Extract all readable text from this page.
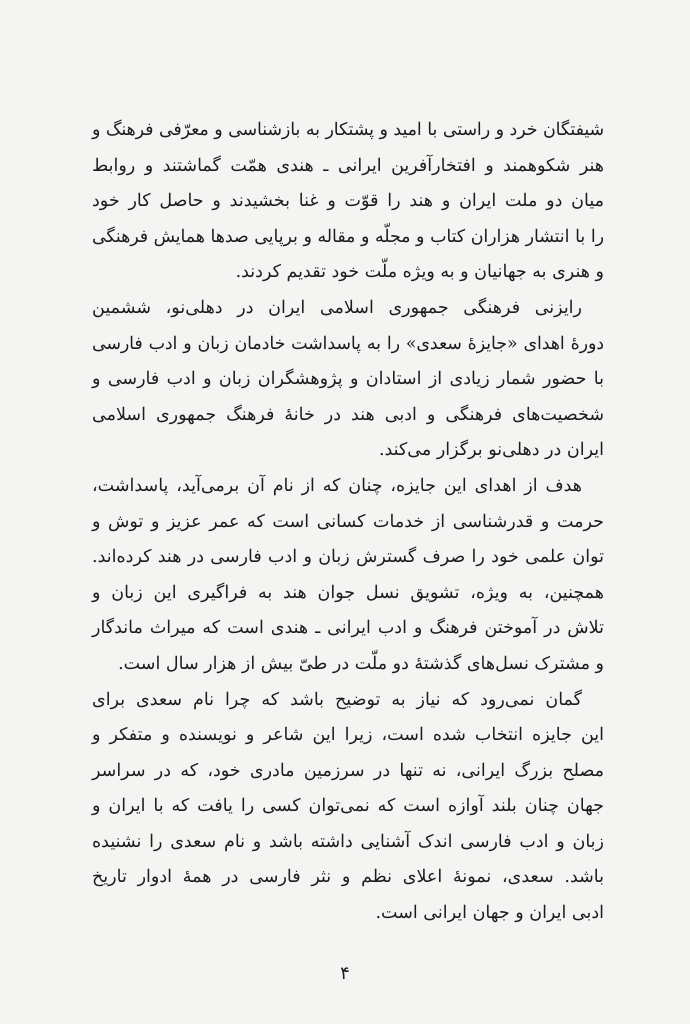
شیفتگان خرد و راستی با امید و پشتکار به بازشناسی و معرّفی فرهنگ و
هنر شکوهمند و افتخارآفرین ایرانی ـ هندی همّت گماشتند و روابط
میان دو ملت ایران و هند را قوّت و غنا بخشیدند و حاصل کار خود
را با انتشار هزاران کتاب و مجلّه و مقاله و برپایی صدها همایش فرهنگی
و هنری به جهانیان و به ویژه ملّت خود تقدیم کردند.

رایزنی فرهنگی جمهوری اسلامی ایران در دهلی‌نو، ششمین
دورهٔ اهدای «جایزهٔ سعدی» را به پاسداشت خادمان زبان و ادب فارسی
با حضور شمار زیادی از استادان و پژوهشگران زبان و ادب فارسی و
شخصیت‌های فرهنگی و ادبی هند در خانهٔ فرهنگ جمهوری اسلامی
ایران در دهلی‌نو برگزار می‌کند.

هدف از اهدای این جایزه، چنان که از نام آن برمی‌آید، پاسداشت،
حرمت و قدرشناسی از خدمات کسانی است که عمر عزیز و توش و
توان علمی خود را صرف گسترش زبان و ادب فارسی در هند کرده‌اند.
همچنین، به ویژه، تشویق نسل جوان هند به فراگیری این زبان و
تلاش در آموختن فرهنگ و ادب ایرانی ـ هندی است که میراث ماندگار
و مشترک نسل‌های گذشتهٔ دو ملّت در طیّ بیش از هزار سال است.

گمان نمی‌رود که نیاز به توضیح باشد که چرا نام سعدی برای
این جایزه انتخاب شده است، زیرا این شاعر و نویسنده و متفکر و
مصلح بزرگ ایرانی، نه تنها در سرزمین مادری خود، که در سراسر
جهان چنان بلند آوازه است که نمی‌توان کسی را یافت که با ایران و
زبان و ادب فارسی اندک آشنایی داشته باشد و نام سعدی را نشنیده
باشد. سعدی، نمونهٔ اعلای نظم و نثر فارسی در همهٔ ادوار تاریخ
ادبی ایران و جهان ایرانی است.

۴
